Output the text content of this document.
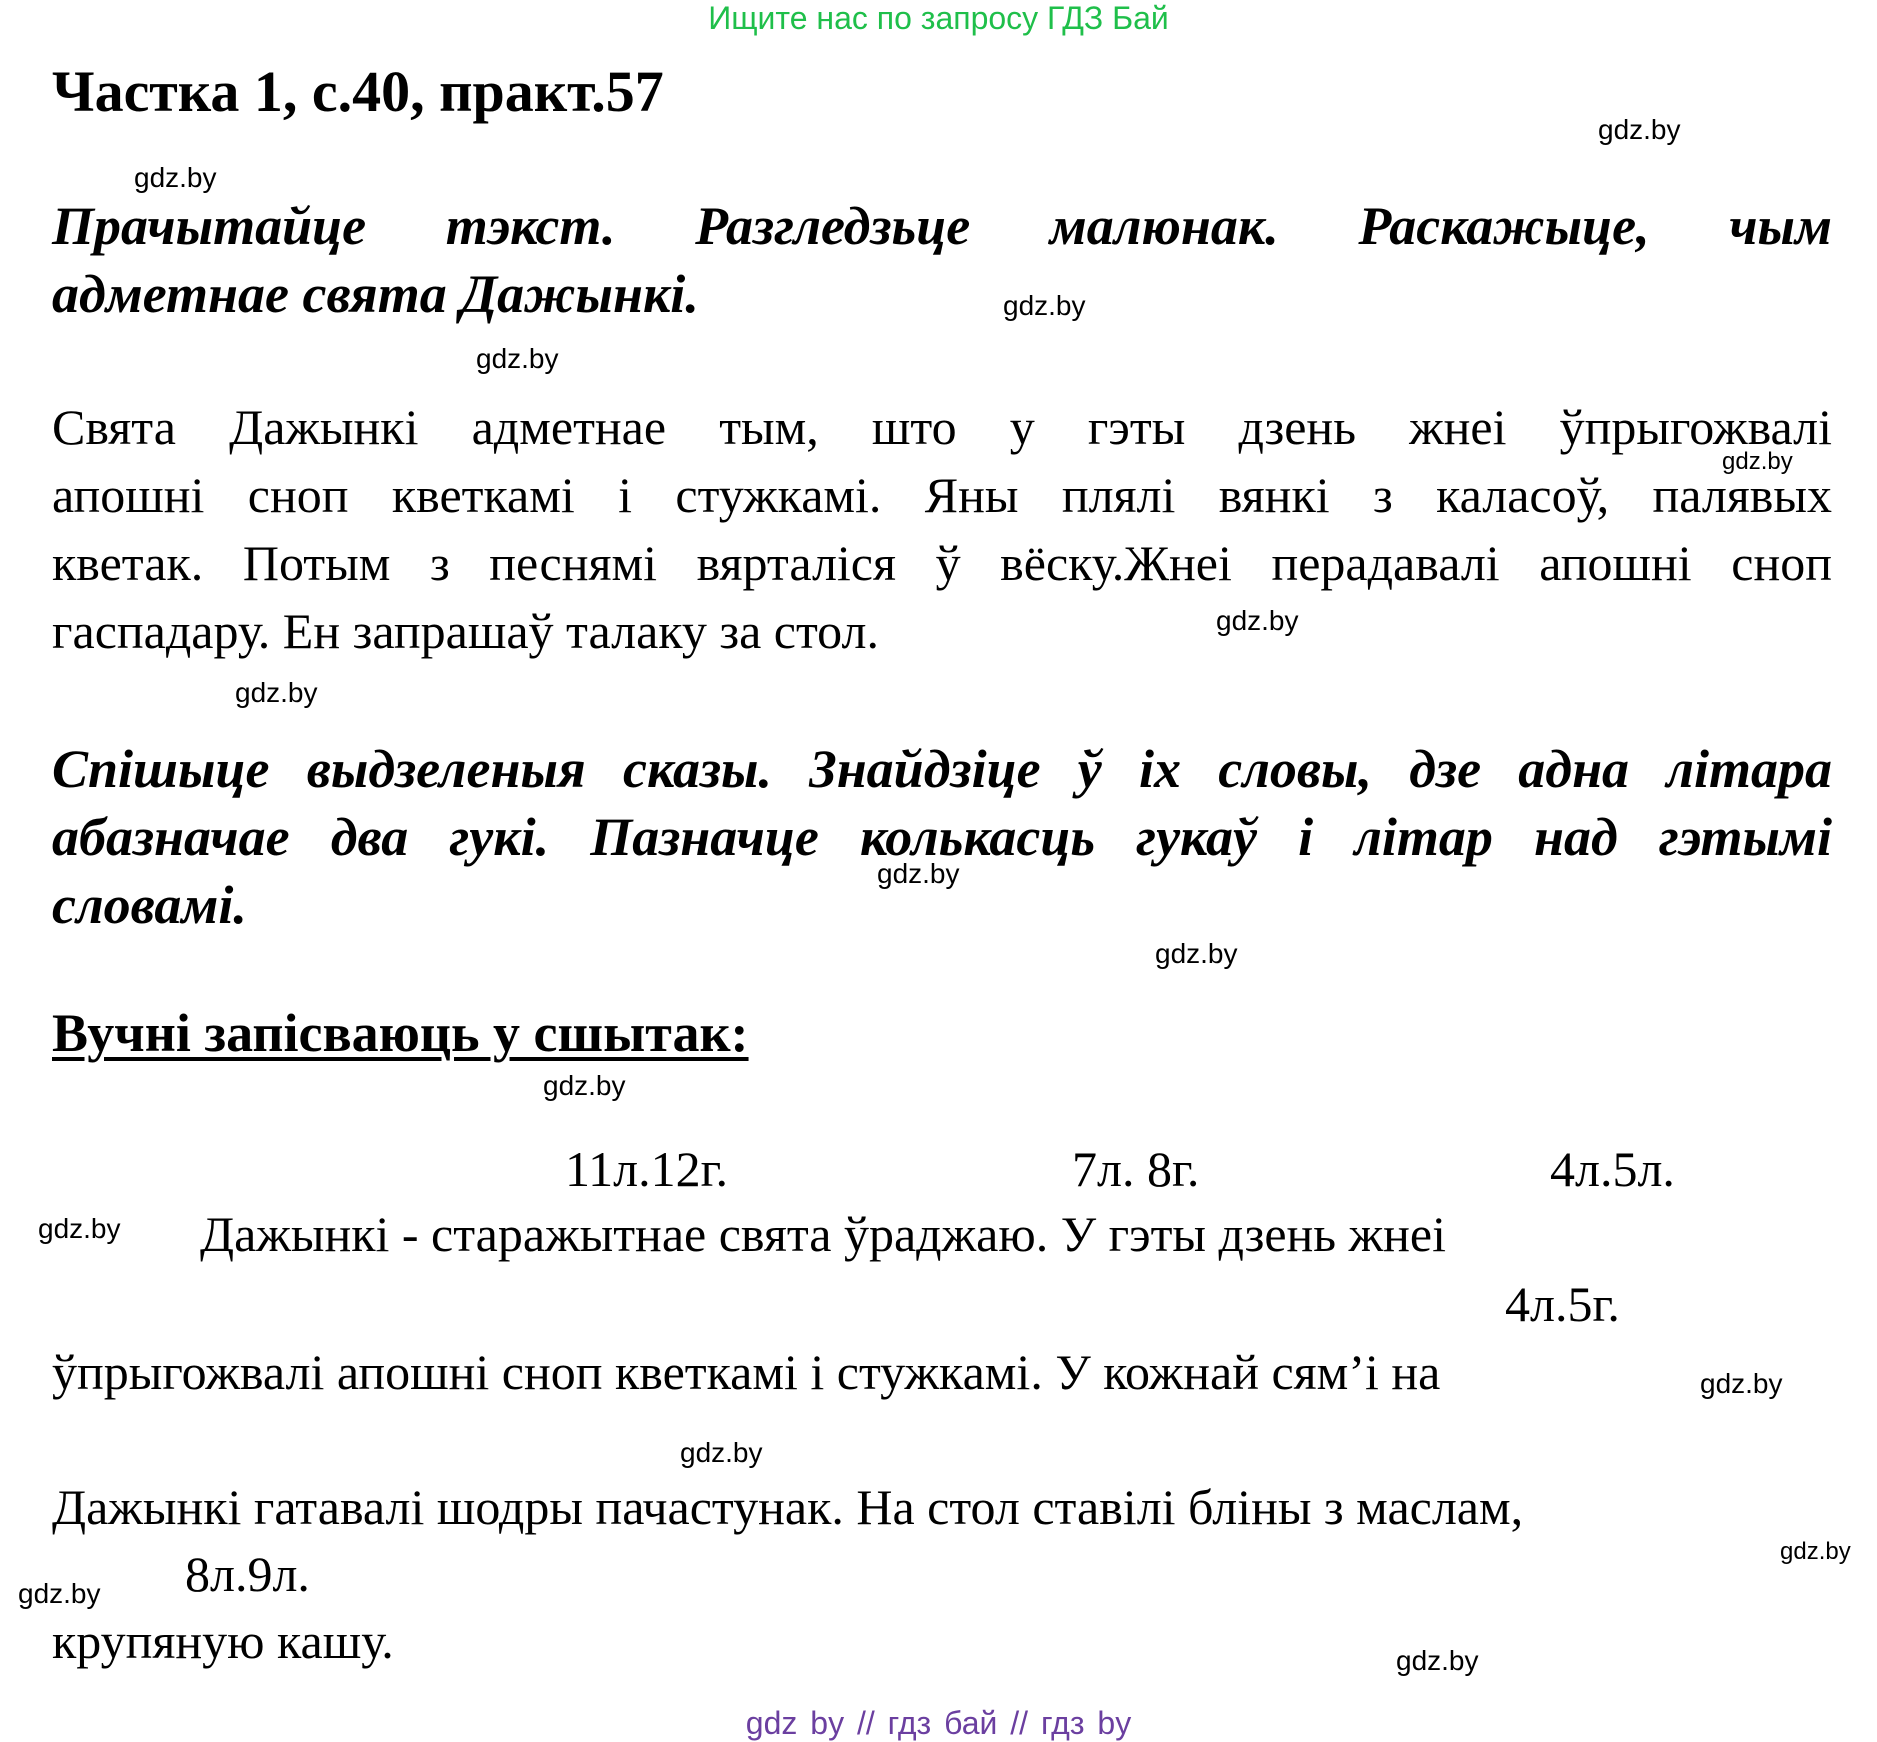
Ищите нас по запросу ГДЗ Бай
Частка 1, с.40, практ.57
Прачытайце тэкст. Разгледзьце малюнак. Раскажыце, чым
адметнае свята Дажынкі.
Свята Дажынкі адметнае тым, што у гэты дзень жнеі ўпрыгожвалі
апошні сноп кветкамі і стужкамі. Яны плялі вянкі з каласоў, палявых
кветак. Потым з песнямі вярталіся ў вёску.Жнеі перадавалі апошні сноп
гаспадару. Ен запрашаў талаку за стол.
Спішыце выдзеленыя сказы. Знайдзіце ў іх словы, дзе адна літара
абазначае два гукі. Пазначце колькасць гукаў і літар над гэтымі
словамі.
Вучні запісваюць у сшытак:
11л.12г.	7л. 8г.	4л.5л.
Дажынкі - старажытнае свята ўраджаю. У гэты дзень жнеі
4л.5г.
ўпрыгожвалі апошні сноп кветкамі і стужкамі. У кожнай сям’і на
Дажынкі гатавалі шодры пачастунак. На стол ставілі бліны з маслам,
8л.9л.
крупяную кашу.
gdz.by
gdz.by
gdz.by
gdz.by
gdz.by
gdz.by
gdz.by
gdz.by
gdz.by
gdz.by
gdz.by
gdz.by
gdz.by
gdz.by
gdz.by
gdz.by
gdz by // гдз бай // гдз by
